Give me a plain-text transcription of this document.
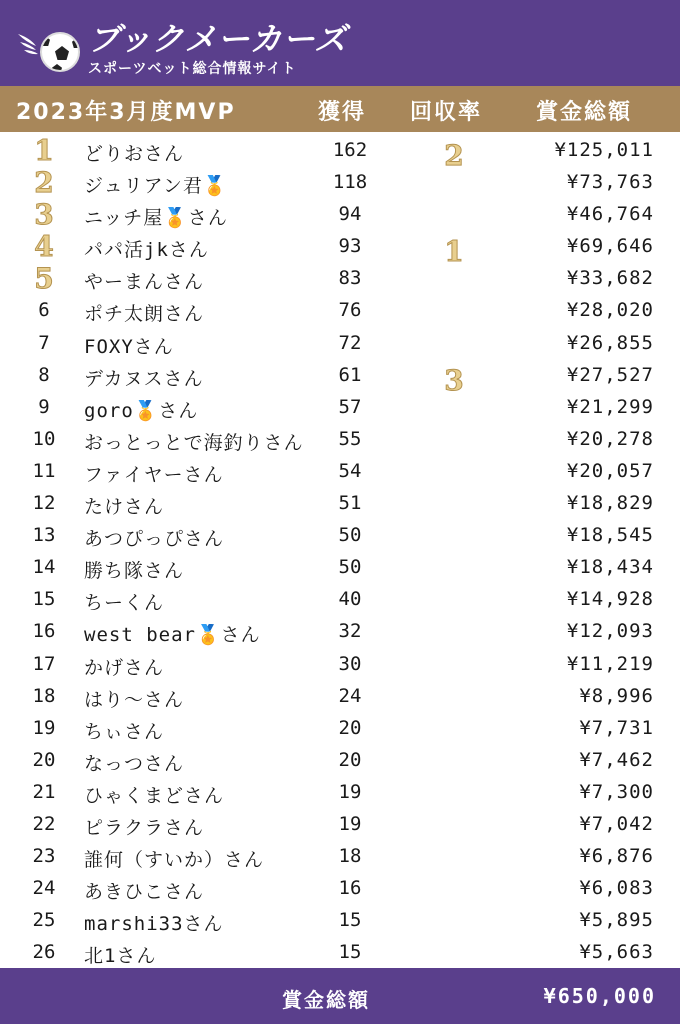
ブックメーカーズ
スポーツベット総合情報サイト
2023年3月度MVP	獲得 回収率 賞金総額
1	どりおさん	162	2	¥125,011
2	ジュリアン君🏅	118	¥73,763
3	ニッチ屋🏅さん	94	¥46,764
4	パパ活jkさん	93	1	¥69,646
5	やーまんさん	83	¥33,682
6	ポチ太朗さん	76	¥28,020
7	FOXYさん	72	¥26,855
8	デカヌスさん	61	3	¥27,527
9	goro🏅さん	57	¥21,299
10	おっとっとで海釣りさん	55	¥20,278
11	ファイヤーさん	54	¥20,057
12	たけさん	51	¥18,829
13	あつぴっぴさん	50	¥18,545
14	勝ち隊さん	50	¥18,434
15	ちーくん	40	¥14,928
16	west bear🏅さん	32	¥12,093
17	かげさん	30	¥11,219
18	はり～さん	24	¥8,996
19	ちぃさん	20	¥7,731
20	なっつさん	20	¥7,462
21	ひゃくまどさん	19	¥7,300
22	ピラクラさん	19	¥7,042
23	誰何（すいか）さん	18	¥6,876
24	あきひこさん	16	¥6,083
25	marshi33さん	15	¥5,895
26	北1さん	15	¥5,663
賞金総額	¥650,000
